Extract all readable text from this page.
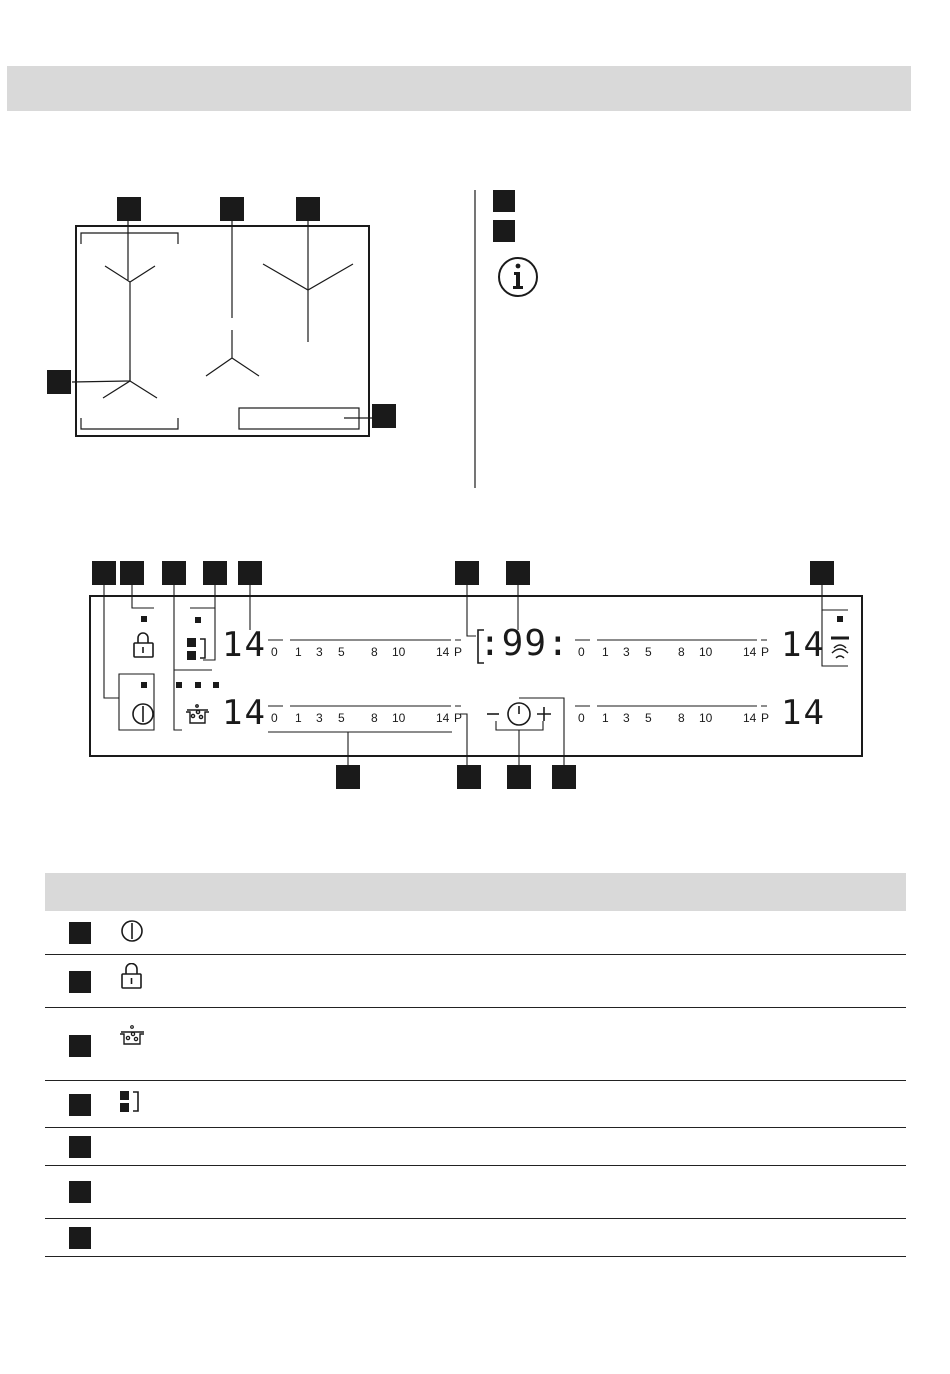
14
14
14
14
:99:
0 1 3 5 8 10	14 P
0 1 3 5 8 10	14 P
0 1 3 5 8 10	14 P
0 1 3 5 8 10	14 P
